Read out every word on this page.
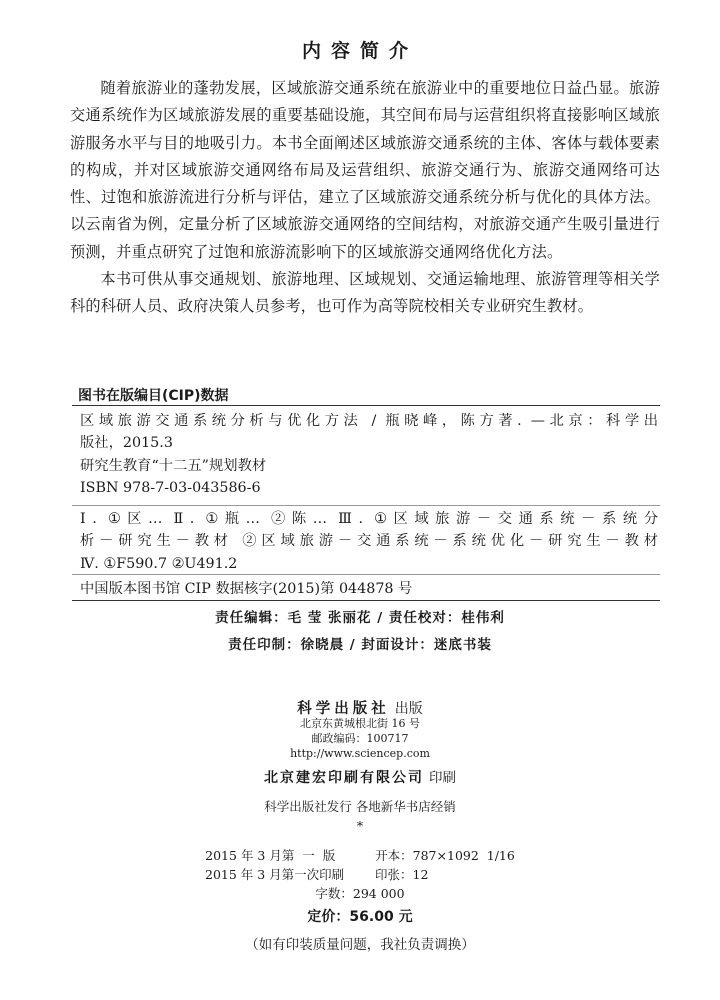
内容简介

随着旅游业的蓬勃发展，区域旅游交通系统在旅游业中的重要地位日益凸显。旅游交通系统作为区域旅游发展的重要基础设施，其空间布局与运营组织将直接影响区域旅游服务水平与目的地吸引力。本书全面阐述区域旅游交通系统的主体、客体与载体要素的构成，并对区域旅游交通网络布局及运营组织、旅游交通行为、旅游交通网络可达性、过饱和旅游流进行分析与评估，建立了区域旅游交通系统分析与优化的具体方法。以云南省为例，定量分析了区域旅游交通网络的空间结构，对旅游交通产生吸引量进行预测，并重点研究了过饱和旅游流影响下的区域旅游交通网络优化方法。

本书可供从事交通规划、旅游地理、区域规划、交通运输地理、旅游管理等相关学科的科研人员、政府决策人员参考，也可作为高等院校相关专业研究生教材。

图书在版编目(CIP)数据
区域旅游交通系统分析与优化方法 / 瓶晓峰，陈方著. —北京：科学出
版社，2015.3
研究生教育“十二五”规划教材
ISBN 978-7-03-043586-6
Ⅰ. ①区… Ⅱ. ①瓶… ②陈… Ⅲ. ①区域旅游－交通系统－系统分
析－研究生－教材 ②区域旅游－交通系统－系统优化－研究生－教材
Ⅳ. ①F590.7 ②U491.2
中国版本图书馆 CIP 数据核字(2015)第 044878 号
责任编辑：毛 莹 张丽花 / 责任校对：桂伟利
责任印制：徐晓晨 / 封面设计：迷底书装
科学出版社 出版
北京东黄城根北街 16 号
邮政编码：100717
http://www.sciencep.com
北京建宏印刷有限公司 印刷
科学出版社发行 各地新华书店经销
*
2015 年 3 月第  一  版	开本：787×1092  1/16
2015 年 3 月第一次印刷	印张：12
字数：294 000
定价：56.00 元
（如有印装质量问题，我社负责调换）
